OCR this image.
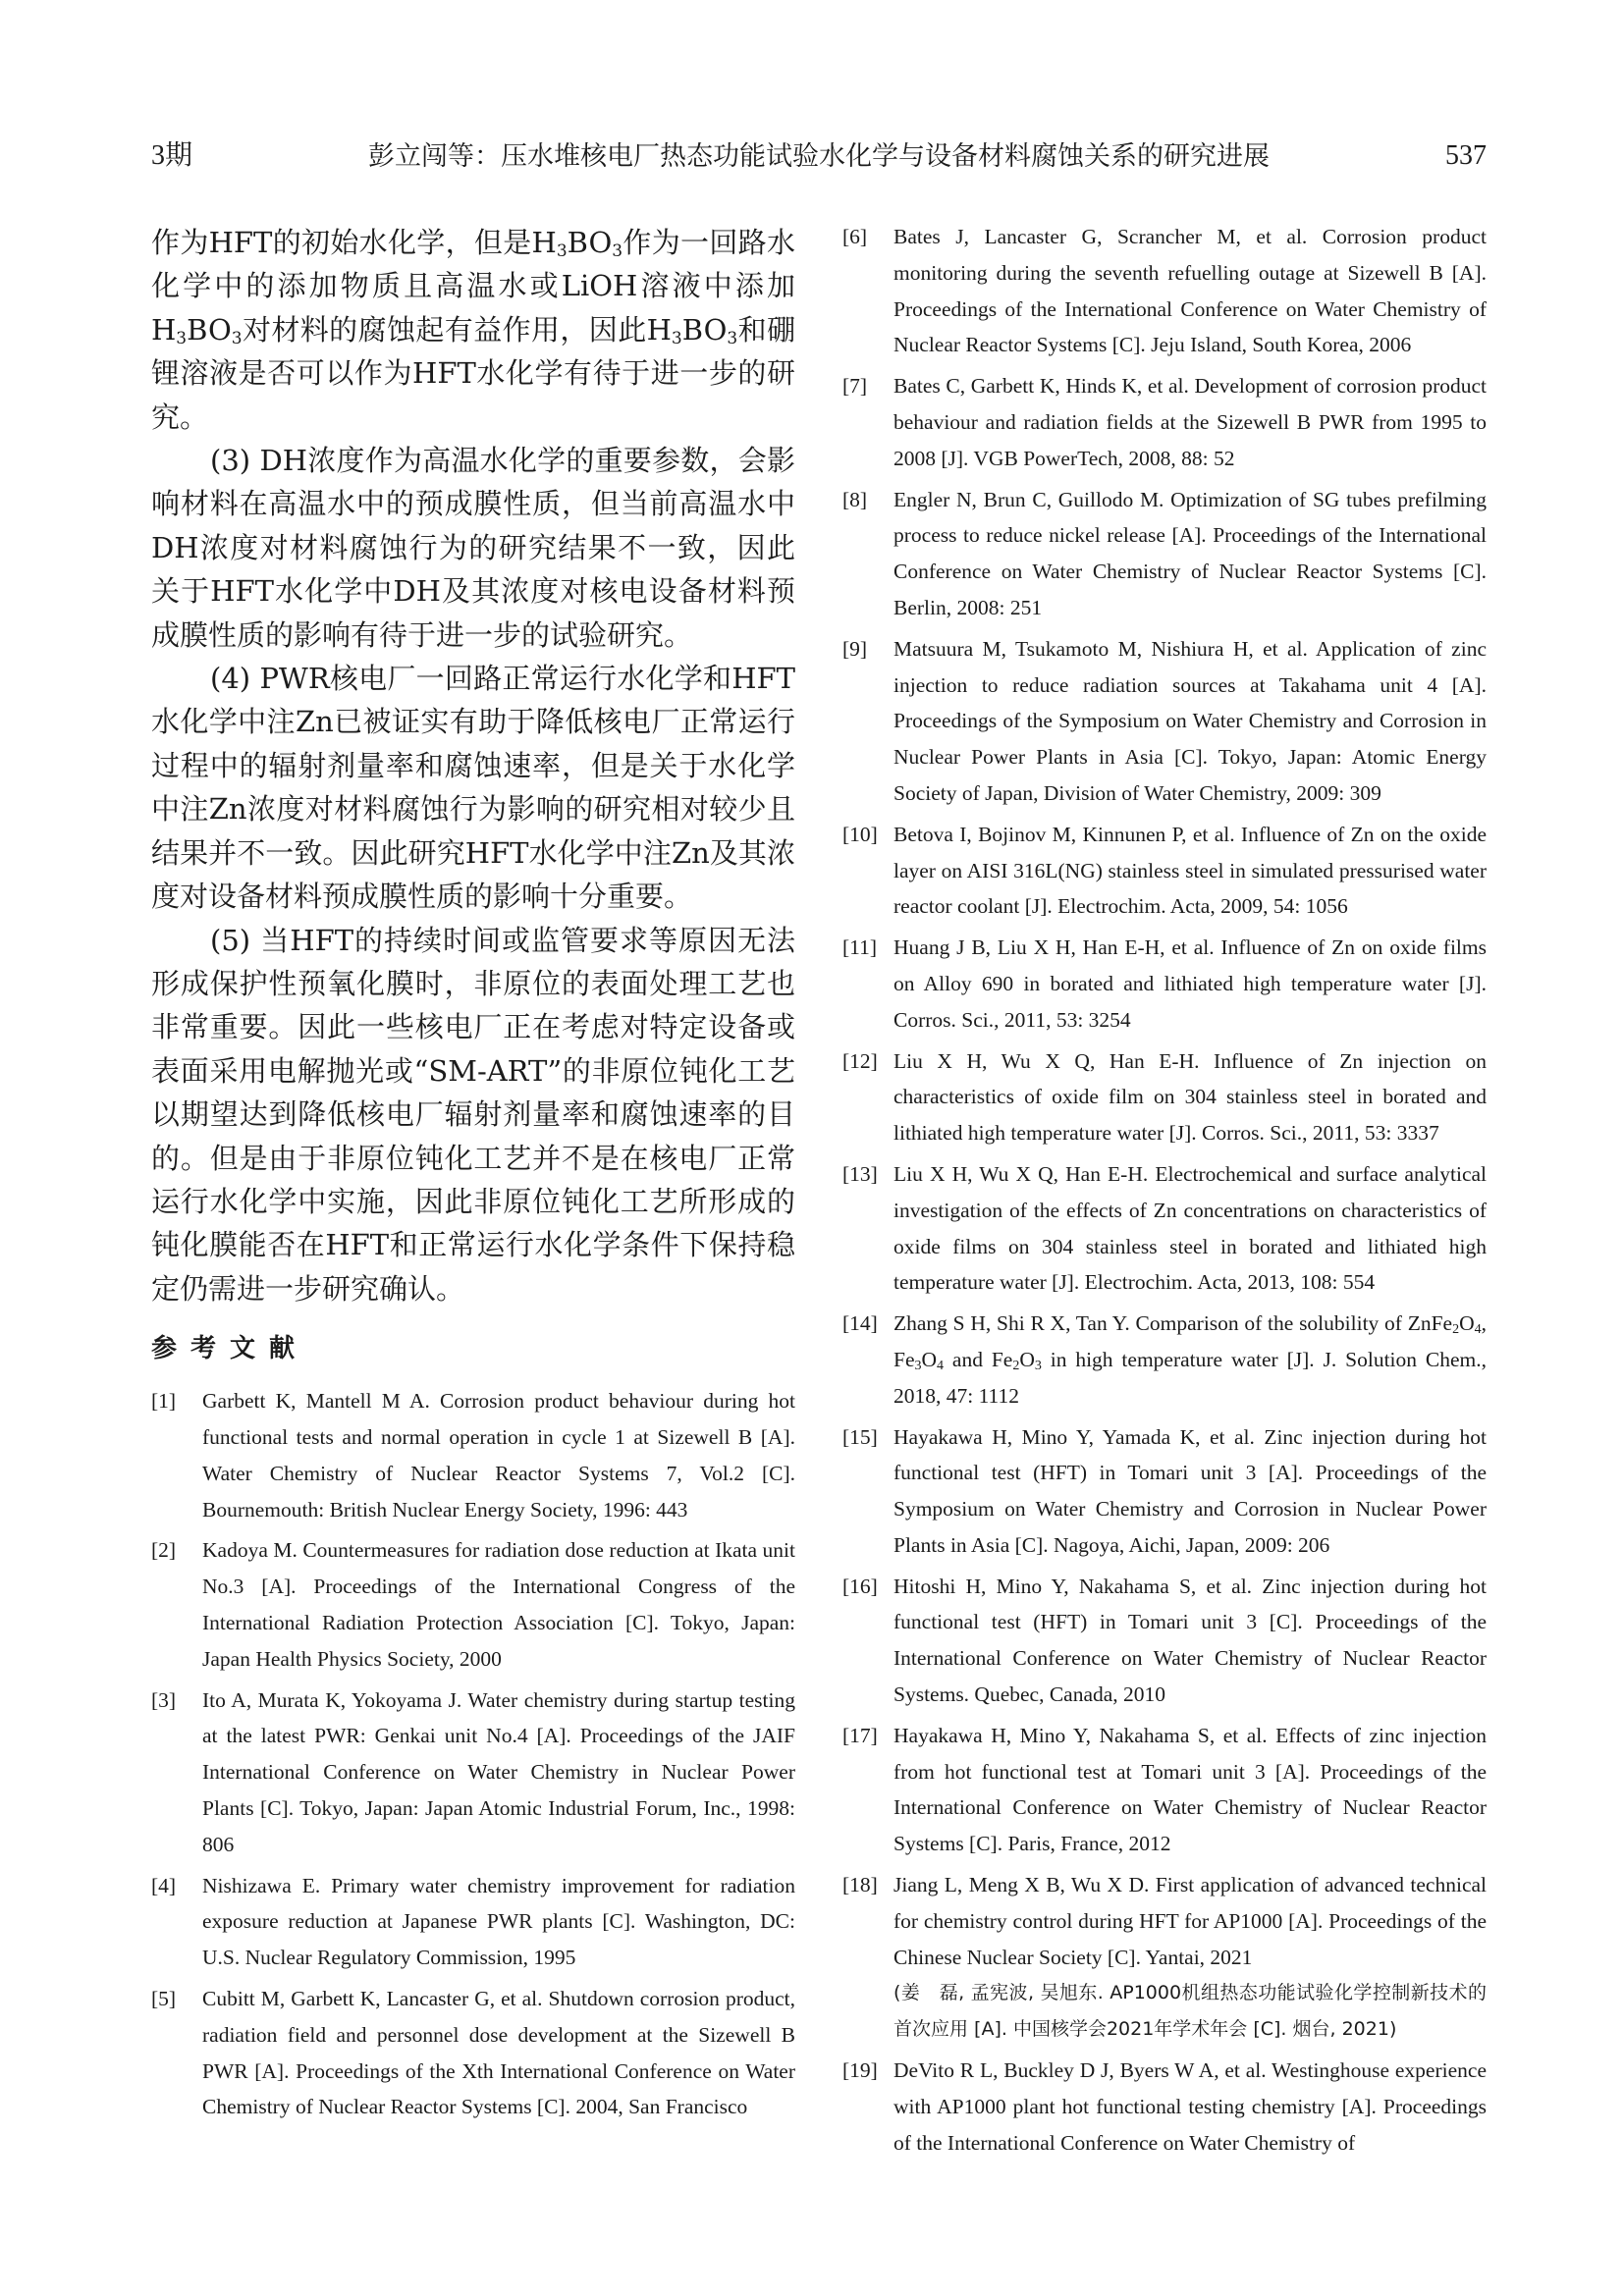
3期	彭立闯等：压水堆核电厂热态功能试验水化学与设备材料腐蚀关系的研究进展	537

作为HFT的初始水化学，但是$H_3BO_3$作为一回路水化学中的添加物质且高温水或LiOH溶液中添加$H_3BO_3$对材料的腐蚀起有益作用，因此$H_3BO_3$和硼锂溶液是否可以作为HFT水化学有待于进一步的研究。

(3) DH浓度作为高温水化学的重要参数，会影响材料在高温水中的预成膜性质，但当前高温水中DH浓度对材料腐蚀行为的研究结果不一致，因此关于HFT水化学中DH及其浓度对核电设备材料预成膜性质的影响有待于进一步的试验研究。

(4) PWR核电厂一回路正常运行水化学和HFT水化学中注Zn已被证实有助于降低核电厂正常运行过程中的辐射剂量率和腐蚀速率，但是关于水化学中注Zn浓度对材料腐蚀行为影响的研究相对较少且结果并不一致。因此研究HFT水化学中注Zn及其浓度对设备材料预成膜性质的影响十分重要。

(5) 当HFT的持续时间或监管要求等原因无法形成保护性预氧化膜时，非原位的表面处理工艺也非常重要。因此一些核电厂正在考虑对特定设备或表面采用电解抛光或“SM-ART”的非原位钝化工艺以期望达到降低核电厂辐射剂量率和腐蚀速率的目的。但是由于非原位钝化工艺并不是在核电厂正常运行水化学中实施，因此非原位钝化工艺所形成的钝化膜能否在HFT和正常运行水化学条件下保持稳定仍需进一步研究确认。

参考文献
[1]	Garbett K, Mantell M A. Corrosion product behaviour during hot functional tests and normal operation in cycle 1 at Sizewell B [A]. Water Chemistry of Nuclear Reactor Systems 7, Vol.2 [C]. Bournemouth: British Nuclear Energy Society, 1996: 443
[2]	Kadoya M. Countermeasures for radiation dose reduction at Ikata unit No.3 [A]. Proceedings of the International Congress of the International Radiation Protection Association [C]. Tokyo, Japan: Japan Health Physics Society, 2000
[3]	Ito A, Murata K, Yokoyama J. Water chemistry during startup testing at the latest PWR: Genkai unit No.4 [A]. Proceedings of the JAIF International Conference on Water Chemistry in Nuclear Power Plants [C]. Tokyo, Japan: Japan Atomic Industrial Forum, Inc., 1998: 806
[4]	Nishizawa E. Primary water chemistry improvement for radiation exposure reduction at Japanese PWR plants [C]. Washington, DC: U.S. Nuclear Regulatory Commission, 1995
[5]	Cubitt M, Garbett K, Lancaster G, et al. Shutdown corrosion product, radiation field and personnel dose development at the Sizewell B PWR [A]. Proceedings of the Xth International Conference on Water Chemistry of Nuclear Reactor Systems [C]. 2004, San Francisco
[6]	Bates J, Lancaster G, Scrancher M, et al. Corrosion product monitoring during the seventh refuelling outage at Sizewell B [A]. Proceedings of the International Conference on Water Chemistry of Nuclear Reactor Systems [C]. Jeju Island, South Korea, 2006
[7]	Bates C, Garbett K, Hinds K, et al. Development of corrosion product behaviour and radiation fields at the Sizewell B PWR from 1995 to 2008 [J]. VGB PowerTech, 2008, 88: 52
[8]	Engler N, Brun C, Guillodo M. Optimization of SG tubes prefilming process to reduce nickel release [A]. Proceedings of the International Conference on Water Chemistry of Nuclear Reactor Systems [C]. Berlin, 2008: 251
[9]	Matsuura M, Tsukamoto M, Nishiura H, et al. Application of zinc injection to reduce radiation sources at Takahama unit 4 [A]. Proceedings of the Symposium on Water Chemistry and Corrosion in Nuclear Power Plants in Asia [C]. Tokyo, Japan: Atomic Energy Society of Japan, Division of Water Chemistry, 2009: 309
[10] Betova I, Bojinov M, Kinnunen P, et al. Influence of Zn on the oxide layer on AISI 316L(NG) stainless steel in simulated pressurised water reactor coolant [J]. Electrochim. Acta, 2009, 54: 1056
[11] Huang J B, Liu X H, Han E-H, et al. Influence of Zn on oxide films on Alloy 690 in borated and lithiated high temperature water [J]. Corros. Sci., 2011, 53: 3254
[12] Liu X H, Wu X Q, Han E-H. Influence of Zn injection on characteristics of oxide film on 304 stainless steel in borated and lithiated high temperature water [J]. Corros. Sci., 2011, 53: 3337
[13] Liu X H, Wu X Q, Han E-H. Electrochemical and surface analytical investigation of the effects of Zn concentrations on characteristics of oxide films on 304 stainless steel in borated and lithiated high temperature water [J]. Electrochim. Acta, 2013, 108: 554
[14] Zhang S H, Shi R X, Tan Y. Comparison of the solubility of $ZnFe_2O_4$, $Fe_3O_4$ and $Fe_2O_3$ in high temperature water [J]. J. Solution Chem., 2018, 47: 1112
[15] Hayakawa H, Mino Y, Yamada K, et al. Zinc injection during hot functional test (HFT) in Tomari unit 3 [A]. Proceedings of the Symposium on Water Chemistry and Corrosion in Nuclear Power Plants in Asia [C]. Nagoya, Aichi, Japan, 2009: 206
[16] Hitoshi H, Mino Y, Nakahama S, et al. Zinc injection during hot functional test (HFT) in Tomari unit 3 [C]. Proceedings of the International Conference on Water Chemistry of Nuclear Reactor Systems. Quebec, Canada, 2010
[17] Hayakawa H, Mino Y, Nakahama S, et al. Effects of zinc injection from hot functional test at Tomari unit 3 [A]. Proceedings of the International Conference on Water Chemistry of Nuclear Reactor Systems [C]. Paris, France, 2012
[18] Jiang L, Meng X B, Wu X D. First application of advanced technical for chemistry control during HFT for AP1000 [A]. Proceedings of the Chinese Nuclear Society [C]. Yantai, 2021
(姜　磊, 孟宪波, 吴旭东. AP1000机组热态功能试验化学控制新技术的首次应用 [A]. 中国核学会2021年学术年会 [C]. 烟台, 2021)
[19] DeVito R L, Buckley D J, Byers W A, et al. Westinghouse experience with AP1000 plant hot functional testing chemistry [A]. Proceedings of the International Conference on Water Chemistry of
